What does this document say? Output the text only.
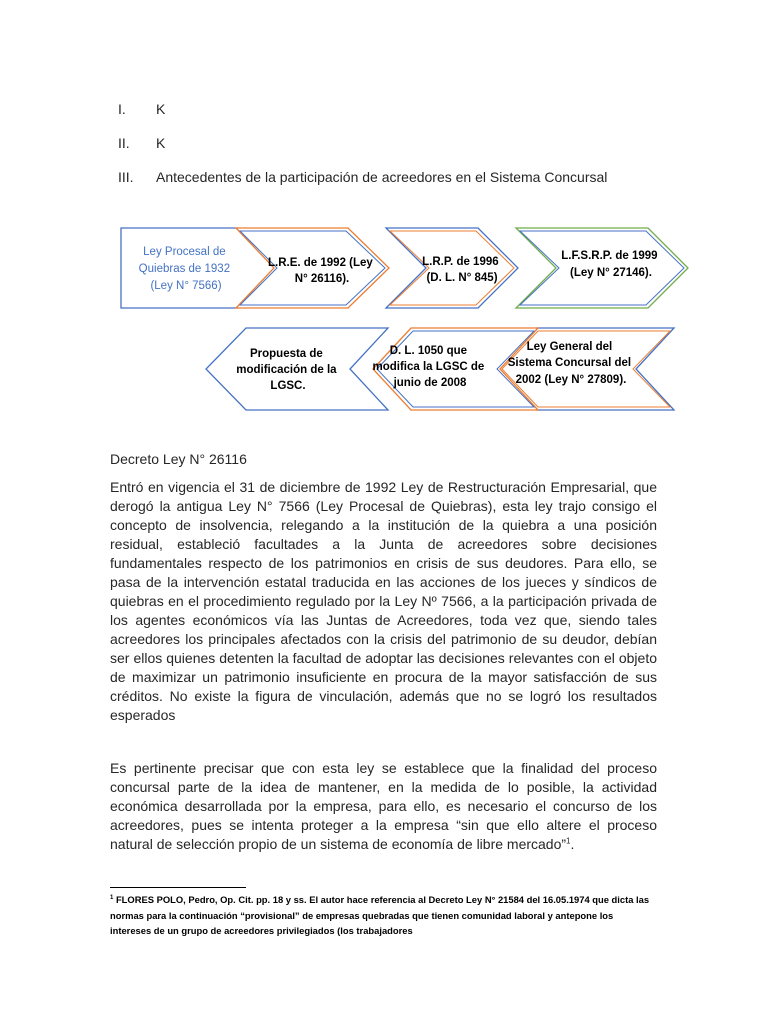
I. K
II. K
III. Antecedentes de la participación de acreedores en el Sistema Concursal
Ley Procesal de Quiebras de 1932 (Ley N° 7566)
L.R.E. de 1992 (Ley N° 26116).
L.R.P. de 1996 (D. L. N° 845)
L.F.S.R.P. de 1999 (Ley N° 27146).
Ley General del Sistema Concursal del 2002 (Ley N° 27809).
D. L. 1050 que modifica la LGSC de junio de 2008
Propuesta de modificación de la LGSC.
Decreto Ley N° 26116

Entró en vigencia el 31 de diciembre de 1992 Ley de Restructuración Empresarial, que derogó la antigua Ley N° 7566 (Ley Procesal de Quiebras), esta ley trajo consigo el concepto de insolvencia, relegando a la institución de la quiebra a una posición residual, estableció facultades a la Junta de acreedores sobre decisiones fundamentales respecto de los patrimonios en crisis de sus deudores. Para ello, se pasa de la intervención estatal traducida en las acciones de los jueces y síndicos de quiebras en el procedimiento regulado por la Ley Nº 7566, a la participación privada de los agentes económicos vía las Juntas de Acreedores, toda vez que, siendo tales acreedores los principales afectados con la crisis del patrimonio de su deudor, debían ser ellos quienes detenten la facultad de adoptar las decisiones relevantes con el objeto de maximizar un patrimonio insuficiente en procura de la mayor satisfacción de sus créditos. No existe la figura de vinculación, además que no se logró los resultados esperados

Es pertinente precisar que con esta ley se establece que la finalidad del proceso concursal parte de la idea de mantener, en la medida de lo posible, la actividad económica desarrollada por la empresa, para ello, es necesario el concurso de los acreedores, pues se intenta proteger a la empresa “sin que ello altere el proceso natural de selección propio de un sistema de economía de libre mercado”$^1$.

$^1$ FLORES POLO, Pedro, Op. Cit. pp. 18 y ss. El autor hace referencia al Decreto Ley N° 21584 del 16.05.1974 que dicta las normas para la continuación “provisional” de empresas quebradas que tienen comunidad laboral y antepone los intereses de un grupo de acreedores privilegiados (los trabajadores
